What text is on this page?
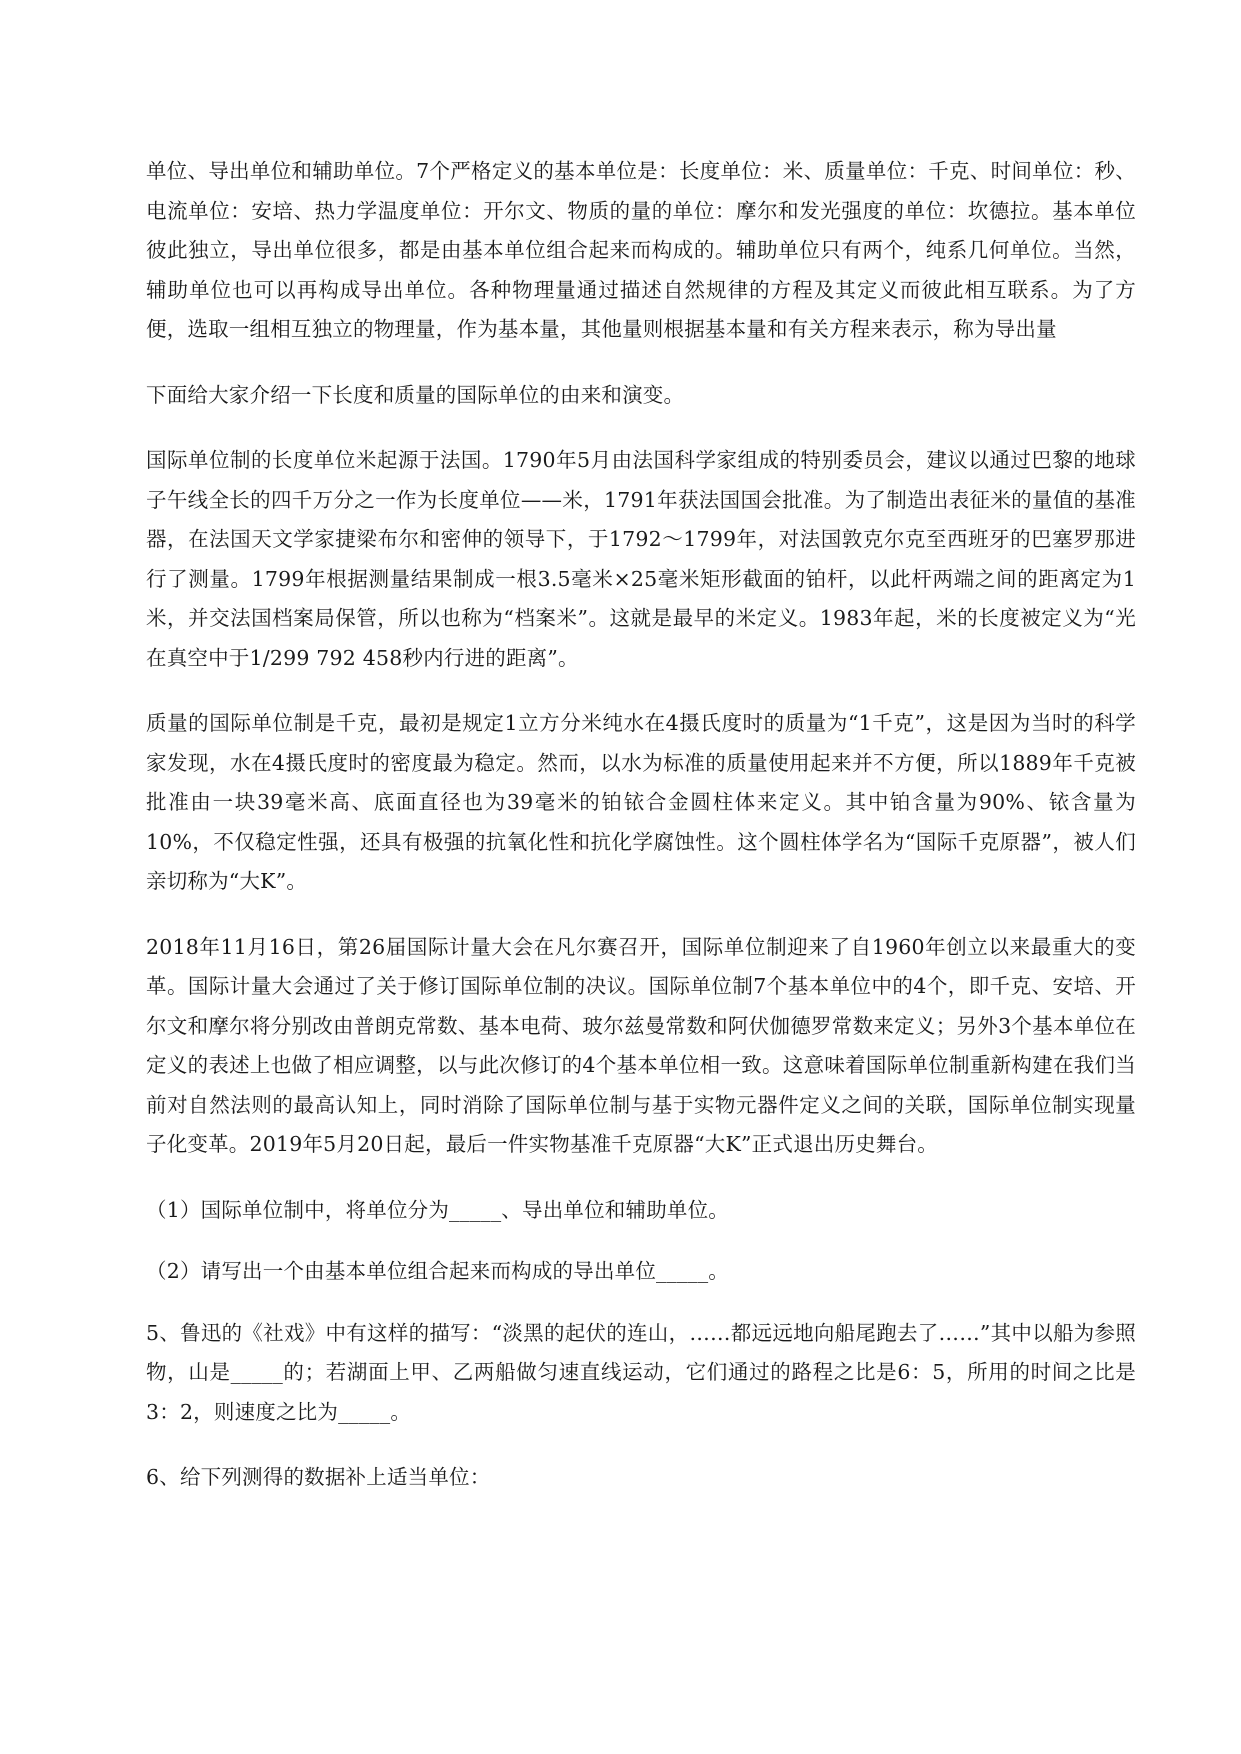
单位、导出单位和辅助单位。7个严格定义的基本单位是：长度单位：米、质量单位：千克、时间单位：秒、电流单位：安培、热力学温度单位：开尔文、物质的量的单位：摩尔和发光强度的单位：坎德拉。基本单位彼此独立，导出单位很多，都是由基本单位组合起来而构成的。辅助单位只有两个，纯系几何单位。当然，辅助单位也可以再构成导出单位。各种物理量通过描述自然规律的方程及其定义而彼此相互联系。为了方便，选取一组相互独立的物理量，作为基本量，其他量则根据基本量和有关方程来表示，称为导出量

下面给大家介绍一下长度和质量的国际单位的由来和演变。

国际单位制的长度单位米起源于法国。1790年5月由法国科学家组成的特别委员会，建议以通过巴黎的地球子午线全长的四千万分之一作为长度单位——米，1791年获法国国会批准。为了制造出表征米的量值的基准器，在法国天文学家捷梁布尔和密伸的领导下，于1792～1799年，对法国敦克尔克至西班牙的巴塞罗那进行了测量。1799年根据测量结果制成一根3.5毫米×25毫米矩形截面的铂杆，以此杆两端之间的距离定为1米，并交法国档案局保管，所以也称为“档案米”。这就是最早的米定义。1983年起，米的长度被定义为“光在真空中于1/299 792 458秒内行进的距离”。

质量的国际单位制是千克，最初是规定1立方分米纯水在4摄氏度时的质量为“1千克”，这是因为当时的科学家发现，水在4摄氏度时的密度最为稳定。然而，以水为标准的质量使用起来并不方便，所以1889年千克被批准由一块39毫米高、底面直径也为39毫米的铂铱合金圆柱体来定义。其中铂含量为90%、铱含量为10%，不仅稳定性强，还具有极强的抗氧化性和抗化学腐蚀性。这个圆柱体学名为“国际千克原器”，被人们亲切称为“大K”。

2018年11月16日，第26届国际计量大会在凡尔赛召开，国际单位制迎来了自1960年创立以来最重大的变革。国际计量大会通过了关于修订国际单位制的决议。国际单位制7个基本单位中的4个，即千克、安培、开尔文和摩尔将分别改由普朗克常数、基本电荷、玻尔兹曼常数和阿伏伽德罗常数来定义；另外3个基本单位在定义的表述上也做了相应调整，以与此次修订的4个基本单位相一致。这意味着国际单位制重新构建在我们当前对自然法则的最高认知上，同时消除了国际单位制与基于实物元器件定义之间的关联，国际单位制实现量子化变革。2019年5月20日起，最后一件实物基准千克原器“大K”正式退出历史舞台。

（1）国际单位制中，将单位分为_____、导出单位和辅助单位。

（2）请写出一个由基本单位组合起来而构成的导出单位_____。

5、鲁迅的《社戏》中有这样的描写：“淡黑的起伏的连山，……都远远地向船尾跑去了……”其中以船为参照物，山是_____的；若湖面上甲、乙两船做匀速直线运动，它们通过的路程之比是6：5，所用的时间之比是3：2，则速度之比为_____。

6、给下列测得的数据补上适当单位：
